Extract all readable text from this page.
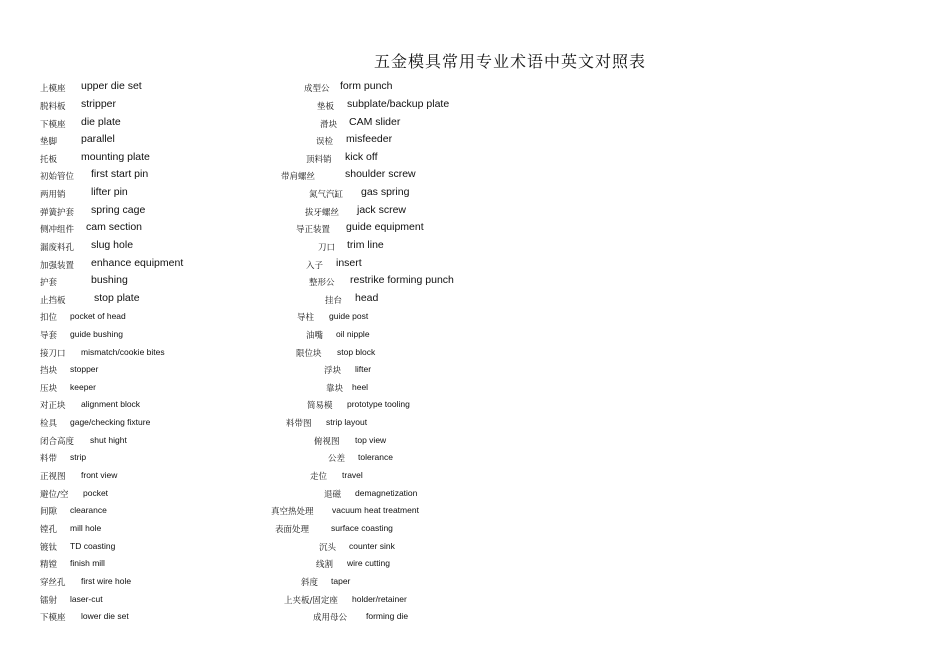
五金模具常用专业术语中英文对照表
上模座 upper die set	成型公 form punch
脱料板 stripper	垫板 subplate/backup plate
下模座 die plate	滑块 CAM slider
垫脚 parallel	误检 misfeeder
托板 mounting plate	顶料销 kick off
初始管位 first start pin	带肩螺丝	shoulder screw
两用销 lifter pin	氮气汽缸 gas spring
弹簧护套 spring cage	拔牙螺丝 jack screw
侧冲组件 cam section	导正装置 guide equipment
漏废料孔 slug hole	刀口 trim line
加强装置 enhance equipment	入子 insert
护套	bushing	整形公 restrike forming punch
止挡板	stop plate	挂台 head
扣位 pocket of head	导柱 guide post
导套 guide bushing	油嘴 oil nipple
接刀口 mismatch/cookie bites	限位块 stop block
挡块 stopper	浮块 lifter
压块 keeper	靠块 heel
对正块 alignment block	简易模 prototype tooling
检具 gage/checking fixture	料带图 strip layout
闭合高度 shut hight	俯视图 top view
料带 strip	公差 tolerance
正视图 front view	走位 travel
避位/空 pocket	退磁 demagnetization
间隙 clearance	真空热处理 vacuum heat treatment
镗孔 mill hole	表面处理	surface coasting
镀钛 TD coasting	沉头 counter sink
精镗 finish mill	线割 wire cutting
穿丝孔 first wire hole	斜度 taper
镭射 laser-cut	上夹板/固定座 holder/retainer
下模座 lower die set	成用母公 forming die
